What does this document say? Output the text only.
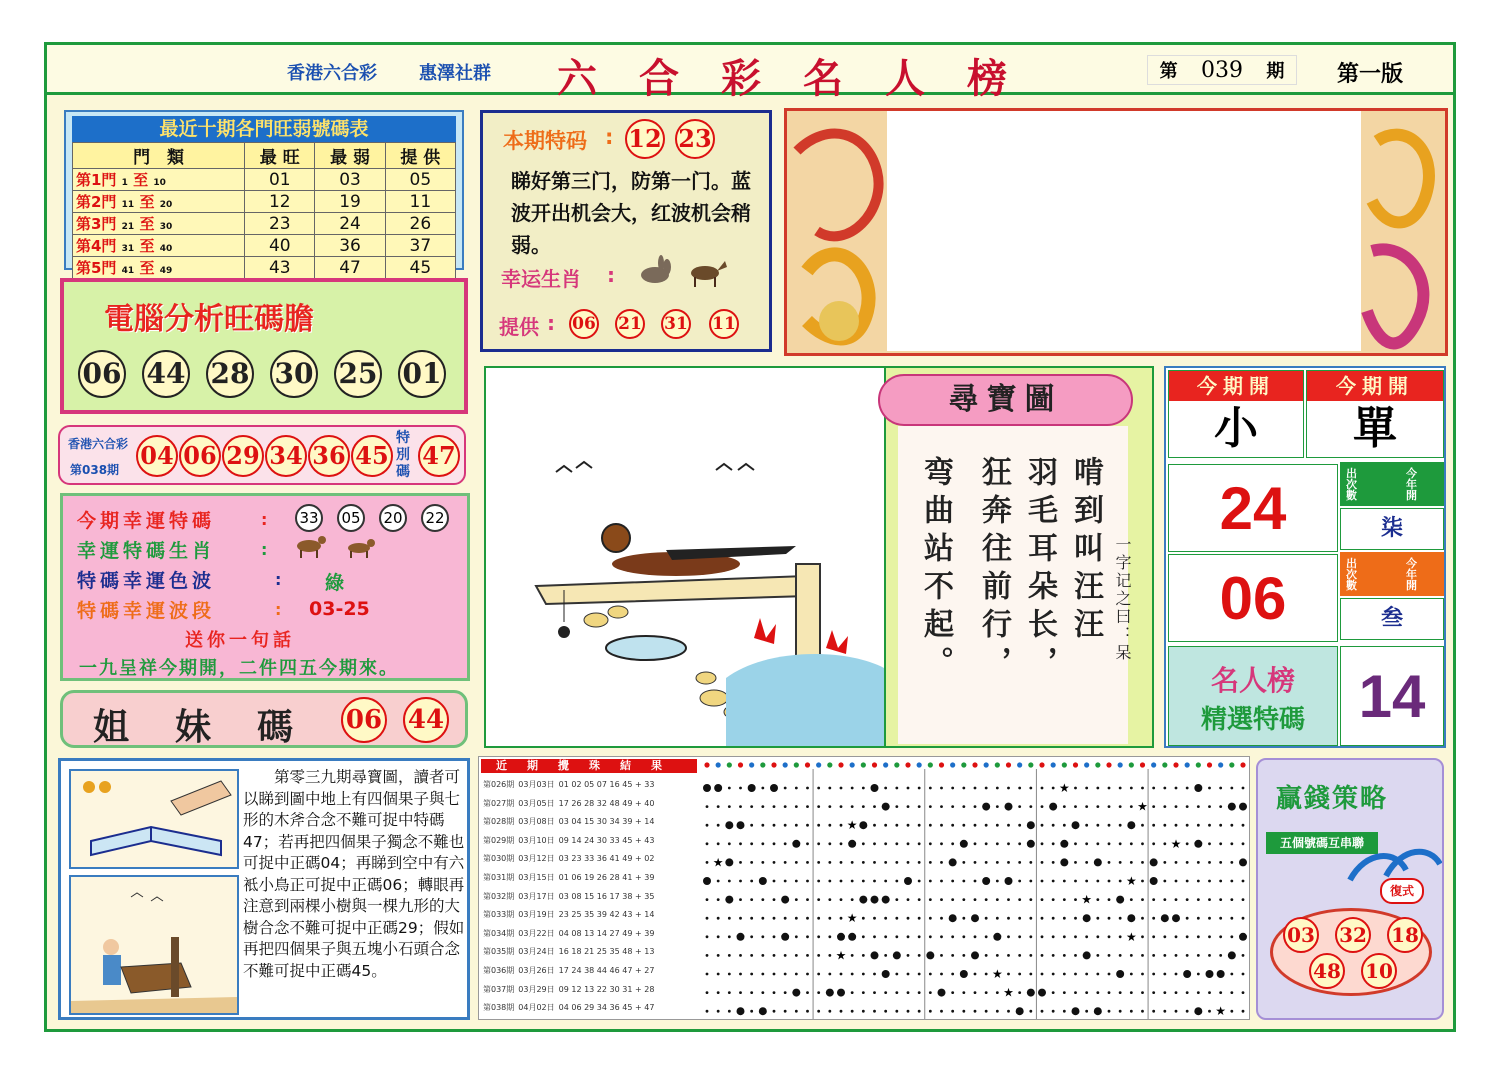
香港六合彩 惠澤社群 六合彩名人榜	第 039 期 第一版
最近十期各門旺弱號碼表
門　類	最 旺	最 弱	提 供
第1門 1 至 10	01	03	05
第2門 11 至 20	12	19	11
第3門 21 至 30	23	24	26
第4門 31 至 40	40	36	37
第5門 41 至 49	43	47	45
電腦分析旺碼膽
06 44 28 30 25 01
香港六合彩
第038期 04 06 29 34 36 45
特別碼
47
今期幸運特碼	: 33 05 20 22
幸運特碼生肖	:
特碼幸運色波	: 綠
特碼幸運波段	: 03-25
送你一句話
一九呈祥今期開，二件四五今期來。
姐妹碼 06 44
本期特码 : 12 23
睇好第三门，防第一门。蓝波开出机会大，红波机会稍弱。
幸运生肖 :
提供 : 06 21 31 11
尋寶圖
啃到叫汪汪
羽毛耳朵长，
狂奔往前行，
弯曲站不起。	一字记之曰：呆
今期開
小
今期開
單
24
出次數
今年開
柒
06
出次數
今年開
叁
名人榜
精選特碼 14

第零三九期尋寶圖，讀者可以睇到圖中地上有四個果子與七形的木斧合念不難可捉中特碼47；若再把四個果子獨念不難也可捉中正碼04；再睇到空中有六袛小鳥正可捉中正碼06；轉眼再注意到兩棵小樹與一棵九形的大樹合念不難可捉中正碼29；假如再把四個果子與五塊小石頭合念不難可捉中正碼45。

近期攪珠結果
第026期 03月03日 01 02 05 07 16 45 + 33
第027期 03月05日 17 26 28 32 48 49 + 40
第028期 03月08日 03 04 15 30 34 39 + 14
第029期 03月10日 09 14 24 30 33 45 + 43
第030期 03月12日 03 23 33 36 41 49 + 02
第031期 03月15日 01 06 19 26 28 41 + 39
第032期 03月17日 03 08 15 16 17 38 + 35
第033期 03月19日 23 25 35 39 42 43 + 14
第034期 03月22日 04 08 13 14 27 49 + 39
第035期 03月24日 16 18 21 25 35 48 + 13
第036期 03月26日 17 24 38 44 46 47 + 27
第037期 03月29日 09 12 13 22 30 31 + 28
第038期 04月02日 04 06 29 34 36 45 + 47
★
★
★
★
★
★
★
★
★
★
★
★
★
贏錢策略
五個號碼互串聯
復式
03 32 18
48 10
